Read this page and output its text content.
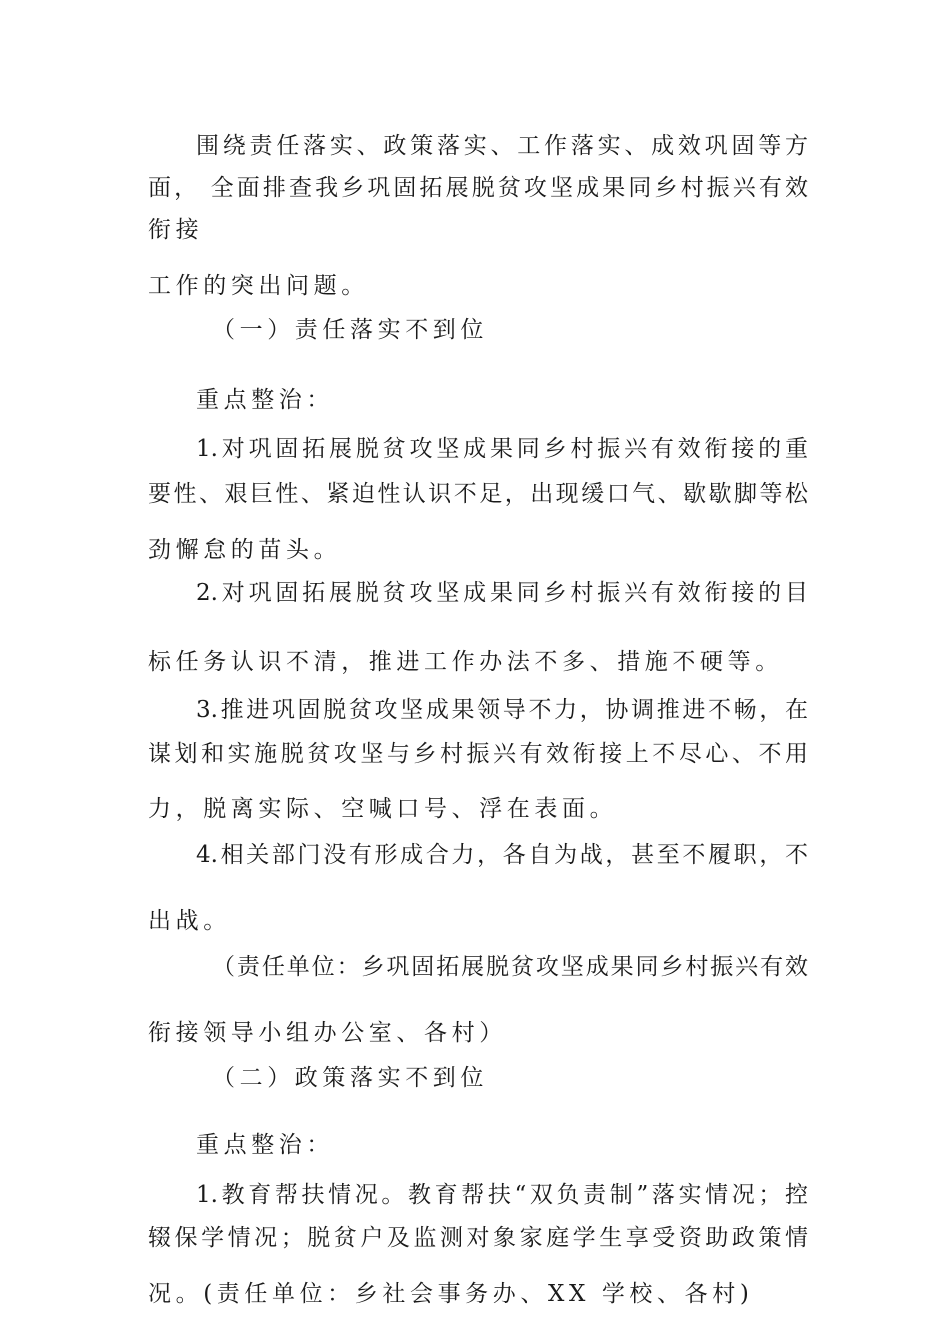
围绕责任落实、政策落实、工作落实、成效巩固等方
面， 全面排查我乡巩固拓展脱贫攻坚成果同乡村振兴有效
衔接
工作的突出问题。
（一）责任落实不到位
重点整治：
1.对巩固拓展脱贫攻坚成果同乡村振兴有效衔接的重
要性、艰巨性、紧迫性认识不足，出现缓口气、歇歇脚等松
劲懈怠的苗头。
2.对巩固拓展脱贫攻坚成果同乡村振兴有效衔接的目
标任务认识不清，推进工作办法不多、措施不硬等。
3.推进巩固脱贫攻坚成果领导不力，协调推进不畅，在
谋划和实施脱贫攻坚与乡村振兴有效衔接上不尽心、不用
力，脱离实际、空喊口号、浮在表面。
4.相关部门没有形成合力，各自为战，甚至不履职，不
出战。
（责任单位：乡巩固拓展脱贫攻坚成果同乡村振兴有效
衔接领导小组办公室、各村）
（二）政策落实不到位
重点整治：
1.教育帮扶情况。教育帮扶“双负责制”落实情况；控
辍保学情况；脱贫户及监测对象家庭学生享受资助政策情
况。(责任单位：乡社会事务办、XX 学校、各村)
